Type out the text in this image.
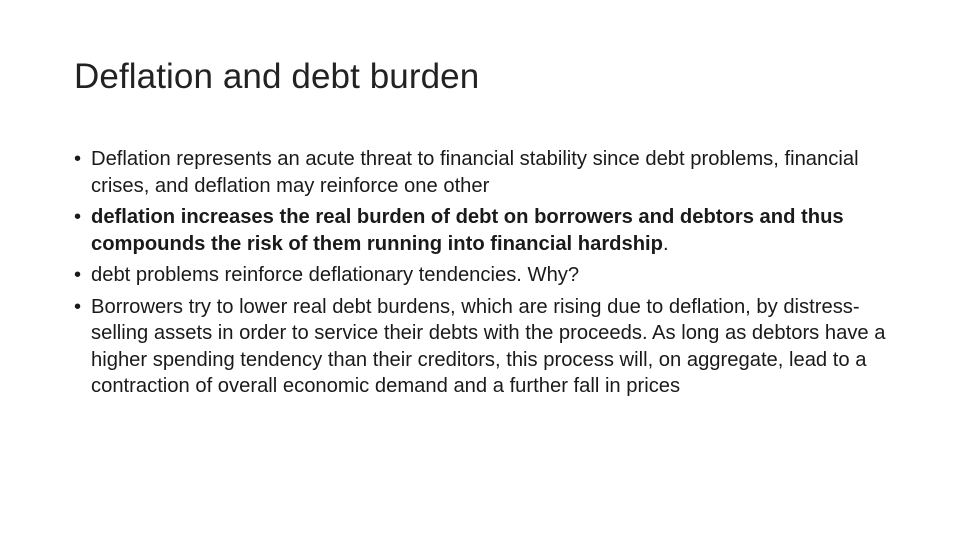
Deflation and debt burden
• Deflation represents an acute threat to financial stability since debt problems, financial crises, and deflation may reinforce one other
• deflation increases the real burden of debt on borrowers and debtors and thus compounds the risk of them running into financial hardship.
• debt problems reinforce deflationary tendencies. Why?
• Borrowers try to lower real debt burdens, which are rising due to deflation, by distress-selling assets in order to service their debts with the proceeds. As long as debtors have a higher spending tendency than their creditors, this process will, on aggregate, lead to a contraction of overall economic demand and a further fall in prices
